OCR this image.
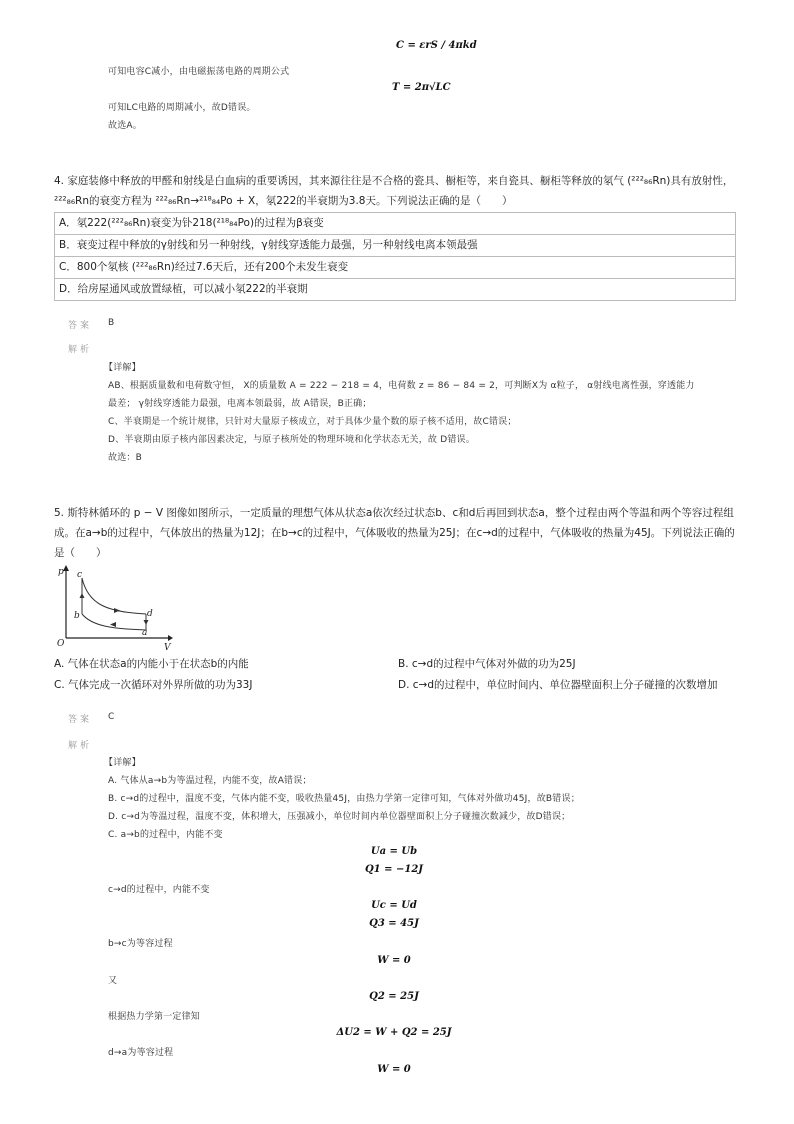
C = εrS / 4πkd
可知电容C减小，由电磁振荡电路的周期公式
T = 2π√LC
可知LC电路的周期减小，故D错误。
故选A。
4. 家庭装修中释放的甲醛和射线是白血病的重要诱因，其来源往往是不合格的瓷具、橱柜等，来自瓷具、橱柜等释放的氡气 (²²²₈₆Rn)具有放射性，
²²²₈₆Rn的衰变方程为 ²²²₈₆Rn→²¹⁸₈₄Po + X，氡222的半衰期为3.8天。下列说法正确的是（　　）
A．氡222(²²²₈₆Rn)衰变为钋218(²¹⁸₈₄Po)的过程为β衰变
B．衰变过程中释放的γ射线和另一种射线，γ射线穿透能力最强，另一种射线电离本领最强
C．800个氡核 (²²²₈₆Rn)经过7.6天后，还有200个未发生衰变
D．给房屋通风或放置绿植，可以减小氡222的半衰期
答案 B
解析
【详解】
AB、根据质量数和电荷数守恒， X的质量数 A = 222 − 218 = 4，电荷数 z = 86 − 84 = 2，可判断X为 α粒子， α射线电离性强，穿透能力
最差； γ射线穿透能力最强，电离本领最弱，故 A错误，B正确；
C、半衰期是一个统计规律，只针对大量原子核成立，对于具体少量个数的原子核不适用，故C错误；
D、半衰期由原子核内部因素决定，与原子核所处的物理环境和化学状态无关，故 D错误。
故选：B
5. 斯特林循环的 p − V 图像如图所示，一定质量的理想气体从状态a依次经过状态b、c和d后再回到状态a，整个过程由两个等温和两个等容过程组
成。在a→b的过程中，气体放出的热量为12J；在b→c的过程中，气体吸收的热量为25J；在c→d的过程中，气体吸收的热量为45J。下列说法正确的
是（　　）
p
V
O
c
b	d
a
A. 气体在状态a的内能小于在状态b的内能	B. c→d的过程中气体对外做的功为25J
C. 气体完成一次循环对外界所做的功为33J	D. c→d的过程中，单位时间内、单位器壁面积上分子碰撞的次数增加
答案 C
解析
【详解】
A. 气体从a→b为等温过程，内能不变，故A错误；
B. c→d的过程中，温度不变，气体内能不变，吸收热量45J，由热力学第一定律可知，气体对外做功45J，故B错误；
D. c→d为等温过程，温度不变，体积增大，压强减小，单位时间内单位器壁面积上分子碰撞次数减少，故D错误；
C. a→b的过程中，内能不变
Ua = Ub
Q1 = −12J
c→d的过程中，内能不变
Uc = Ud
Q3 = 45J
b→c为等容过程
W = 0
又
Q2 = 25J
根据热力学第一定律知
ΔU2 = W + Q2 = 25J
d→a为等容过程
W = 0
